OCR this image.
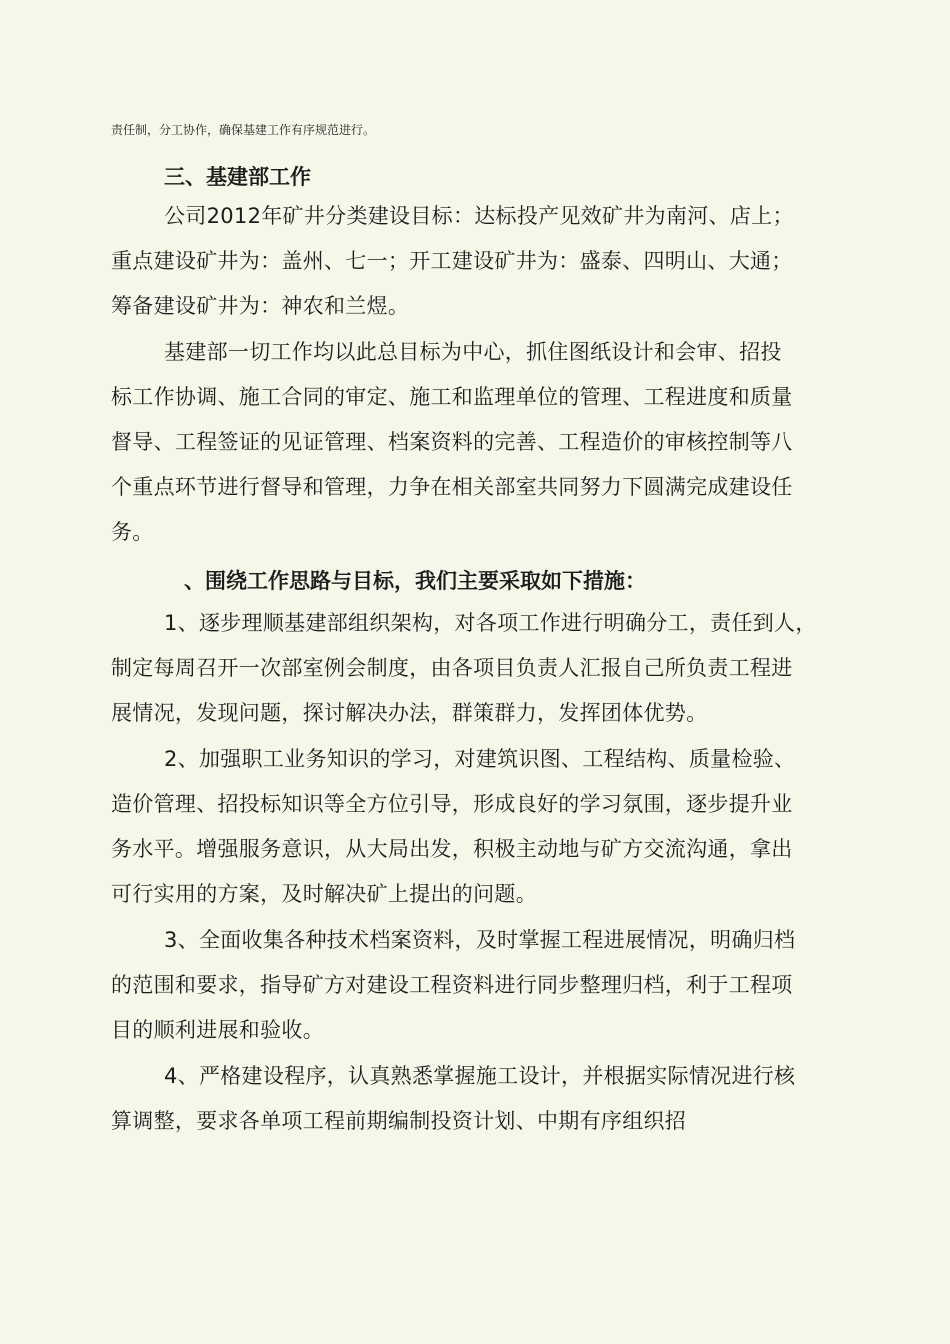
责任制，分工协作，确保基建工作有序规范进行。

三、基建部工作
公司2012年矿井分类建设目标：达标投产见效矿井为南河、店上；
重点建设矿井为：盖州、七一；开工建设矿井为：盛泰、四明山、大通；
筹备建设矿井为：神农和兰煜。
基建部一切工作均以此总目标为中心，抓住图纸设计和会审、招投
标工作协调、施工合同的审定、施工和监理单位的管理、工程进度和质量
督导、工程签证的见证管理、档案资料的完善、工程造价的审核控制等八
个重点环节进行督导和管理，力争在相关部室共同努力下圆满完成建设任
务。
、围绕工作思路与目标，我们主要采取如下措施：
1、逐步理顺基建部组织架构，对各项工作进行明确分工，责任到人，
制定每周召开一次部室例会制度，由各项目负责人汇报自己所负责工程进
展情况，发现问题，探讨解决办法，群策群力，发挥团体优势。
2、加强职工业务知识的学习，对建筑识图、工程结构、质量检验、
造价管理、招投标知识等全方位引导，形成良好的学习氛围，逐步提升业
务水平。增强服务意识，从大局出发，积极主动地与矿方交流沟通，拿出
可行实用的方案，及时解决矿上提出的问题。
3、全面收集各种技术档案资料，及时掌握工程进展情况，明确归档
的范围和要求，指导矿方对建设工程资料进行同步整理归档，利于工程项
目的顺利进展和验收。
4、严格建设程序，认真熟悉掌握施工设计，并根据实际情况进行核
算调整，要求各单项工程前期编制投资计划、中期有序组织招
